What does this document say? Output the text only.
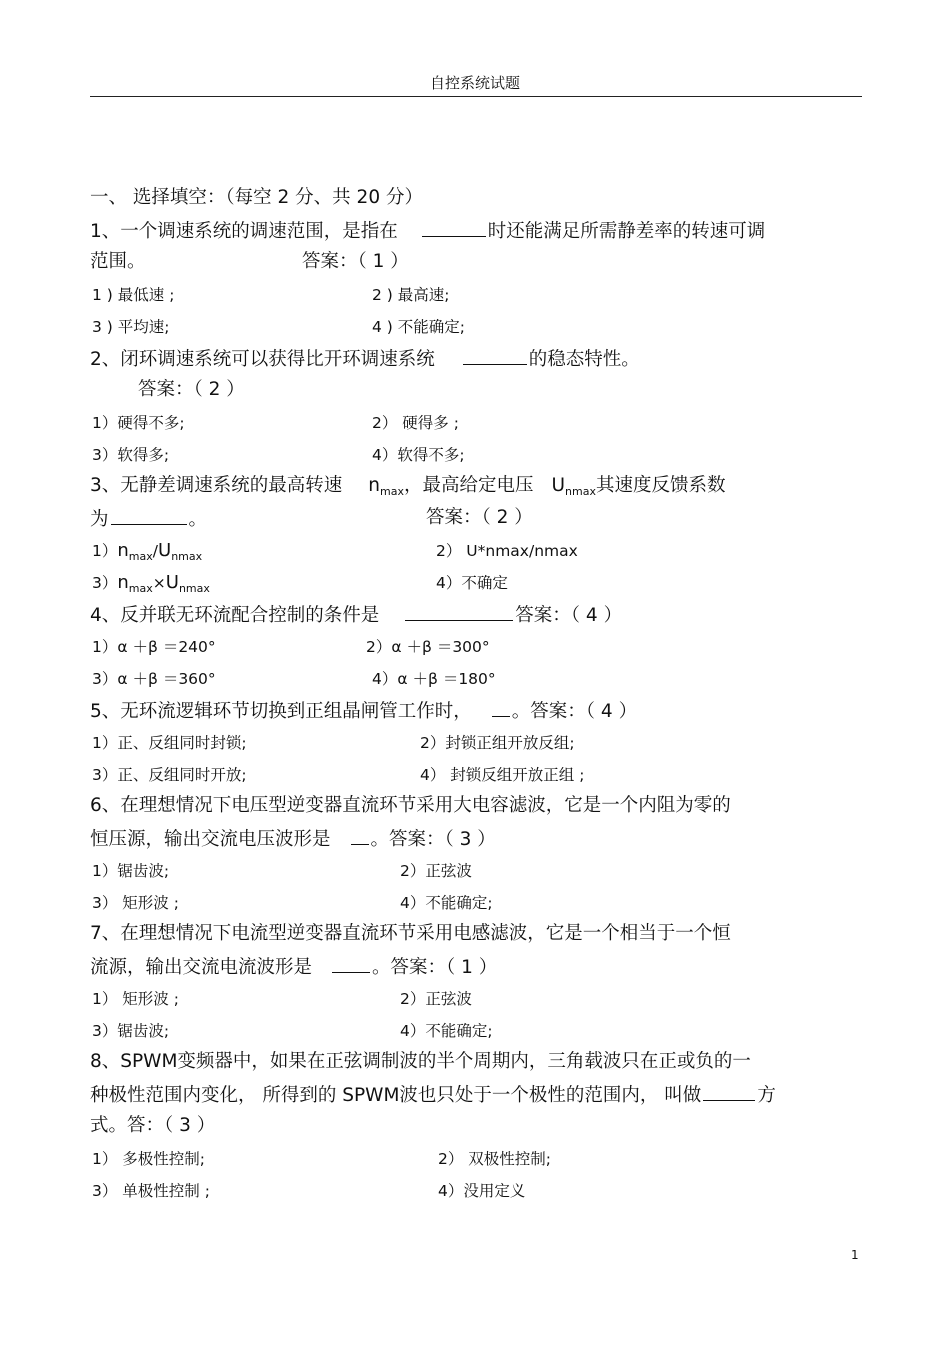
自控系统试题
一、 选择填空：（每空 2 分、共 20 分）
1、一个调速系统的调速范围，是指在	时还能满足所需静差率的转速可调
范围。	答案：（ 1 ）
1 ) 最低速 ;	2 ) 最高速;
3 ) 平均速;	4 ) 不能确定;
2、闭环调速系统可以获得比开环调速系统	的稳态特性。
答案：（ 2 ）
1）硬得不多;	2） 硬得多 ;
3）软得多;	4）软得不多;
3、无静差调速系统的最高转速 $n_{max}$，最高给定电压 $U_{nmax}$其速度反馈系数
为	。	答案：（ 2 ）
$1)n_{max}/U_{nmax}$	2） U*nmax/nmax
$3)n_{max}\times U_{nmax}$	4）不确定
4、反并联无环流配合控制的条件是	答案：（ 4 ）
1）α ＋β ＝240°	2）α ＋β ＝300°
3）α ＋β ＝360°	4）α ＋β ＝180°
5、无环流逻辑环节切换到正组晶闸管工作时， 。答案：（ 4 ）
1）正、反组同时封锁;	2）封锁正组开放反组;
3）正、反组同时开放;	4） 封锁反组开放正组 ;
6、在理想情况下电压型逆变器直流环节采用大电容滤波，它是一个内阻为零的
恒压源，输出交流电压波形是 。答案：（ 3 ）
1）锯齿波;	2）正弦波
3） 矩形波 ;	4）不能确定;
7、在理想情况下电流型逆变器直流环节采用电感滤波，它是一个相当于一个恒
流源，输出交流电流波形是	。答案：（ 1 ）
1） 矩形波 ;	2）正弦波
3）锯齿波;	4）不能确定;
8、SPWM变频器中，如果在正弦调制波的半个周期内，三角载波只在正或负的一
种极性范围内变化， 所得到的 SPWM波也只处于一个极性的范围内， 叫做	方
式。答：（ 3 ）
1） 多极性控制;	2） 双极性控制;
3） 单极性控制 ;	4）没用定义
1
